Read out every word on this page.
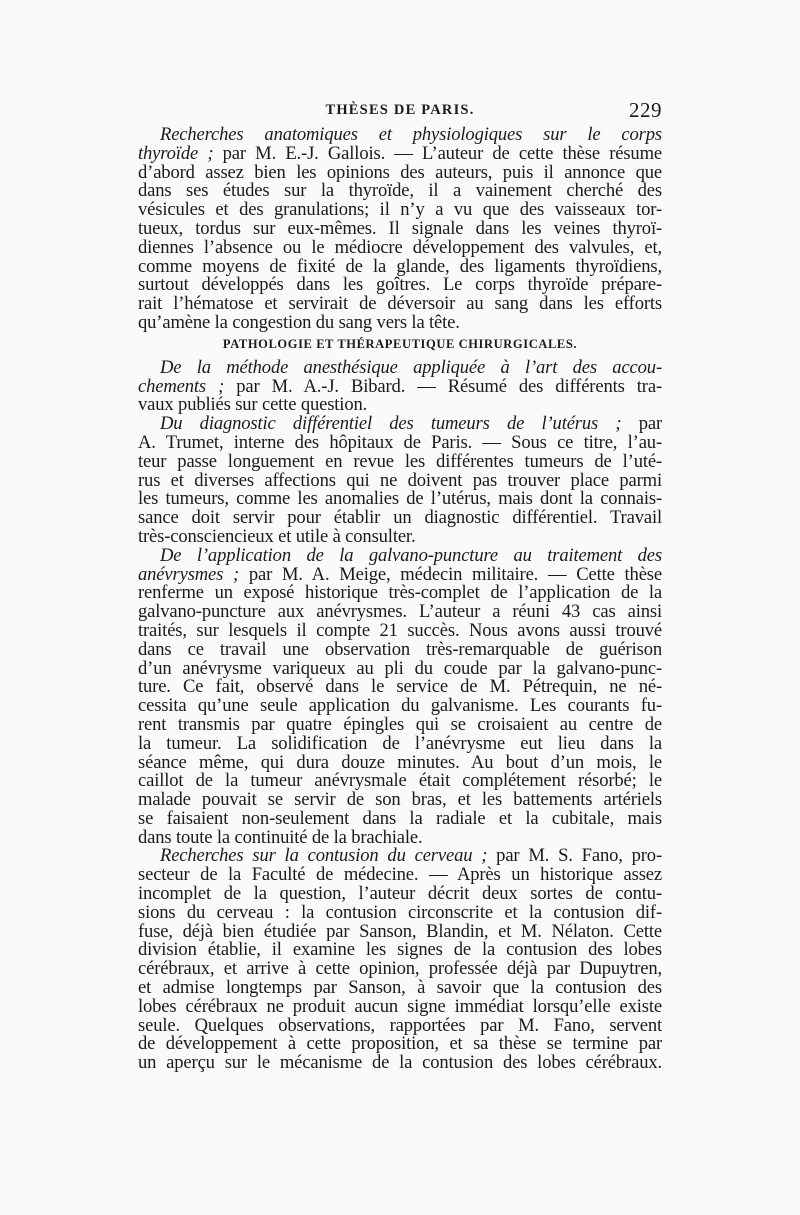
THÈSES DE PARIS.	229
Recherches anatomiques et physiologiques sur le corps
thyroïde ; par M. E.-J. Gallois. — L’auteur de cette thèse résume
d’abord assez bien les opinions des auteurs, puis il annonce que
dans ses études sur la thyroïde, il a vainement cherché des
vésicules et des granulations; il n’y a vu que des vaisseaux tor-
tueux, tordus sur eux-mêmes. Il signale dans les veines thyroï-
diennes l’absence ou le médiocre développement des valvules, et,
comme moyens de fixité de la glande, des ligaments thyroïdiens,
surtout développés dans les goîtres. Le corps thyroïde prépare-
rait l’hématose et servirait de déversoir au sang dans les efforts
qu’amène la congestion du sang vers la tête.
PATHOLOGIE ET THÉRAPEUTIQUE CHIRURGICALES.
De la méthode anesthésique appliquée à l’art des accou-
chements ; par M. A.-J. Bibard. — Résumé des différents tra-
vaux publiés sur cette question.
Du diagnostic différentiel des tumeurs de l’utérus ; par
A. Trumet, interne des hôpitaux de Paris. — Sous ce titre, l’au-
teur passe longuement en revue les différentes tumeurs de l’uté-
rus et diverses affections qui ne doivent pas trouver place parmi
les tumeurs, comme les anomalies de l’utérus, mais dont la connais-
sance doit servir pour établir un diagnostic différentiel. Travail
très-consciencieux et utile à consulter.
De l’application de la galvano-puncture au traitement des
anévrysmes ; par M. A. Meige, médecin militaire. — Cette thèse
renferme un exposé historique très-complet de l’application de la
galvano-puncture aux anévrysmes. L’auteur a réuni 43 cas ainsi
traités, sur lesquels il compte 21 succès. Nous avons aussi trouvé
dans ce travail une observation très-remarquable de guérison
d’un anévrysme variqueux au pli du coude par la galvano-punc-
ture. Ce fait, observé dans le service de M. Pétrequin, ne né-
cessita qu’une seule application du galvanisme. Les courants fu-
rent transmis par quatre épingles qui se croisaient au centre de
la tumeur. La solidification de l’anévrysme eut lieu dans la
séance même, qui dura douze minutes. Au bout d’un mois, le
caillot de la tumeur anévrysmale était complétement résorbé; le
malade pouvait se servir de son bras, et les battements artériels
se faisaient non-seulement dans la radiale et la cubitale, mais
dans toute la continuité de la brachiale.
Recherches sur la contusion du cerveau ; par M. S. Fano, pro-
secteur de la Faculté de médecine. — Après un historique assez
incomplet de la question, l’auteur décrit deux sortes de contu-
sions du cerveau : la contusion circonscrite et la contusion dif-
fuse, déjà bien étudiée par Sanson, Blandin, et M. Nélaton. Cette
division établie, il examine les signes de la contusion des lobes
cérébraux, et arrive à cette opinion, professée déjà par Dupuytren,
et admise longtemps par Sanson, à savoir que la contusion des
lobes cérébraux ne produit aucun signe immédiat lorsqu’elle existe
seule. Quelques observations, rapportées par M. Fano, servent
de développement à cette proposition, et sa thèse se termine par
un aperçu sur le mécanisme de la contusion des lobes cérébraux.
